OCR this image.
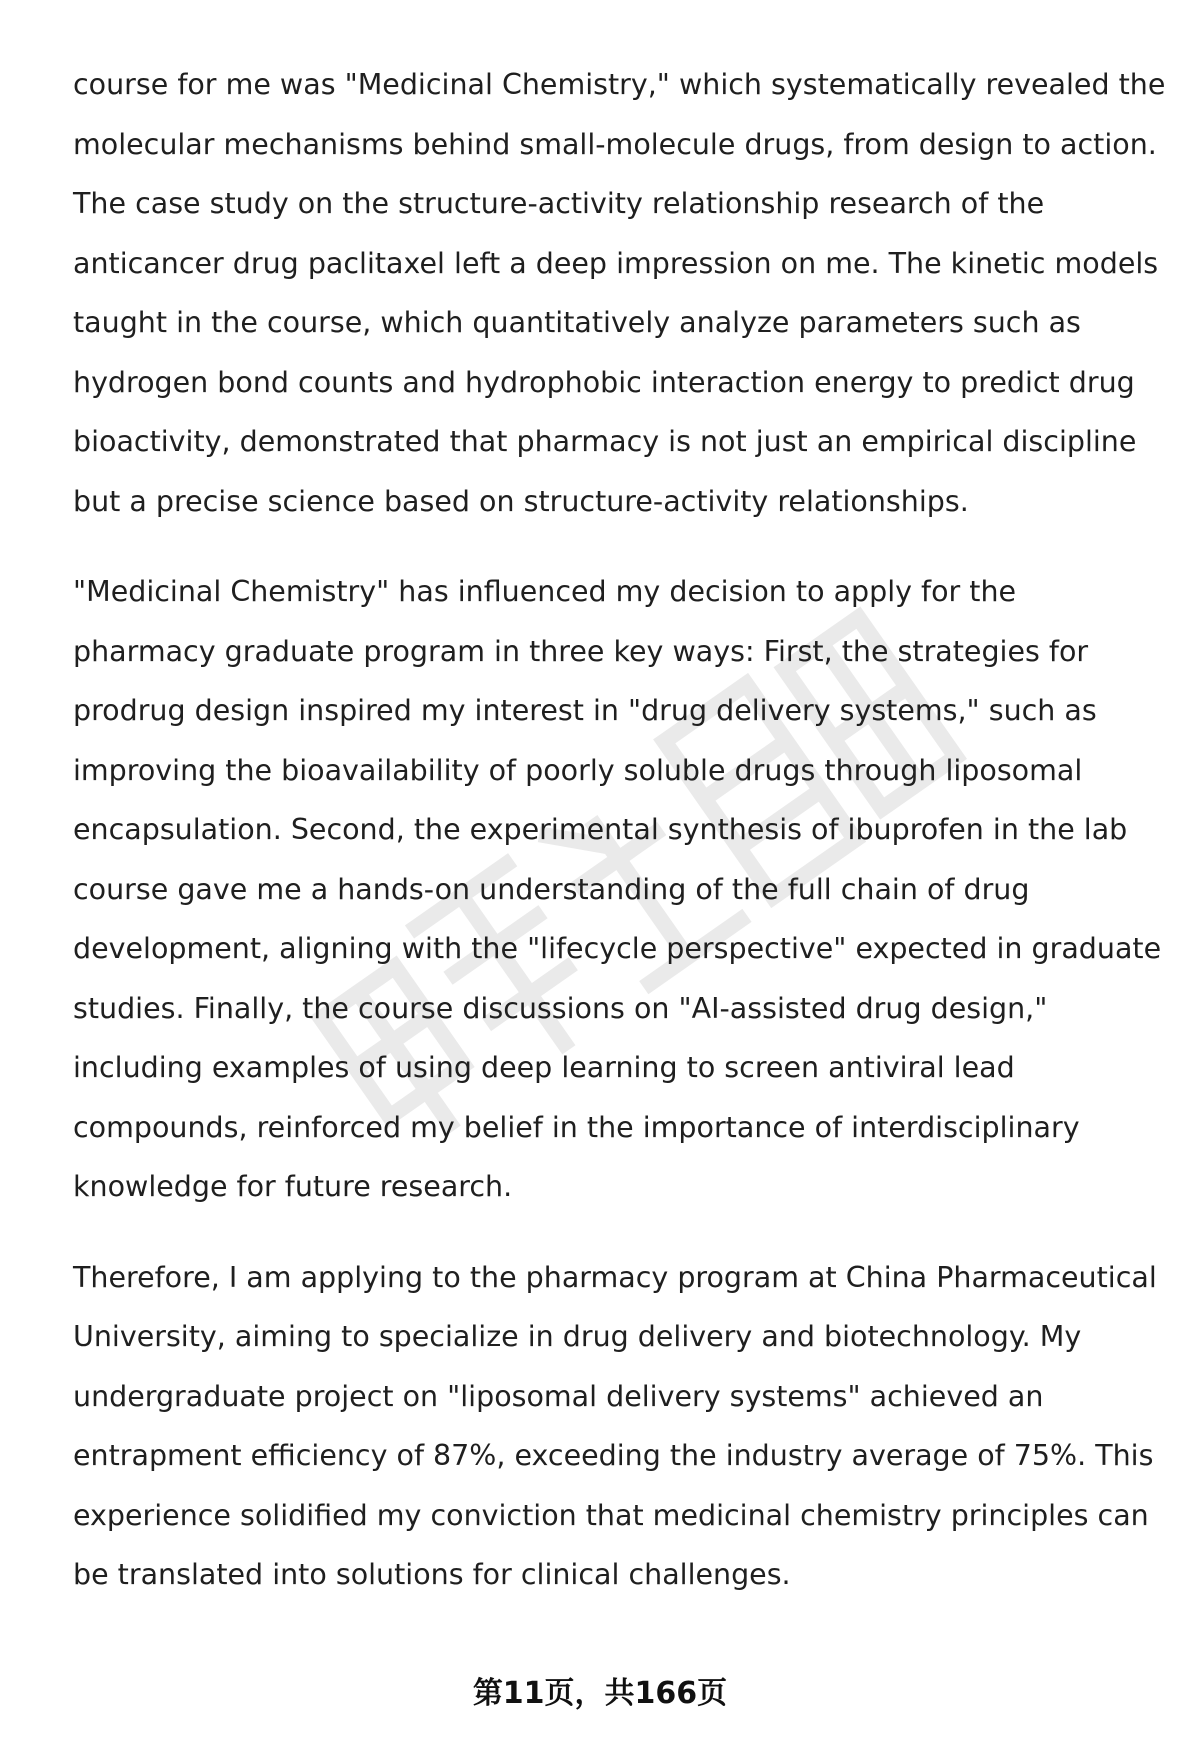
course for me was "Medicinal Chemistry," which systematically revealed the
molecular mechanisms behind small-molecule drugs, from design to action.
The case study on the structure-activity relationship research of the
anticancer drug paclitaxel left a deep impression on me. The kinetic models
taught in the course, which quantitatively analyze parameters such as
hydrogen bond counts and hydrophobic interaction energy to predict drug
bioactivity, demonstrated that pharmacy is not just an empirical discipline
but a precise science based on structure-activity relationships.

"Medicinal Chemistry" has influenced my decision to apply for the
pharmacy graduate program in three key ways: First, the strategies for
prodrug design inspired my interest in "drug delivery systems," such as
improving the bioavailability of poorly soluble drugs through liposomal
encapsulation. Second, the experimental synthesis of ibuprofen in the lab
course gave me a hands-on understanding of the full chain of drug
development, aligning with the "lifecycle perspective" expected in graduate
studies. Finally, the course discussions on "AI-assisted drug design,"
including examples of using deep learning to screen antiviral lead
compounds, reinforced my belief in the importance of interdisciplinary
knowledge for future research.

Therefore, I am applying to the pharmacy program at China Pharmaceutical
University, aiming to specialize in drug delivery and biotechnology. My
undergraduate project on "liposomal delivery systems" achieved an
entrapment efficiency of 87%, exceeding the industry average of 75%. This
experience solidified my conviction that medicinal chemistry principles can
be translated into solutions for clinical challenges.

第11页，共166页
